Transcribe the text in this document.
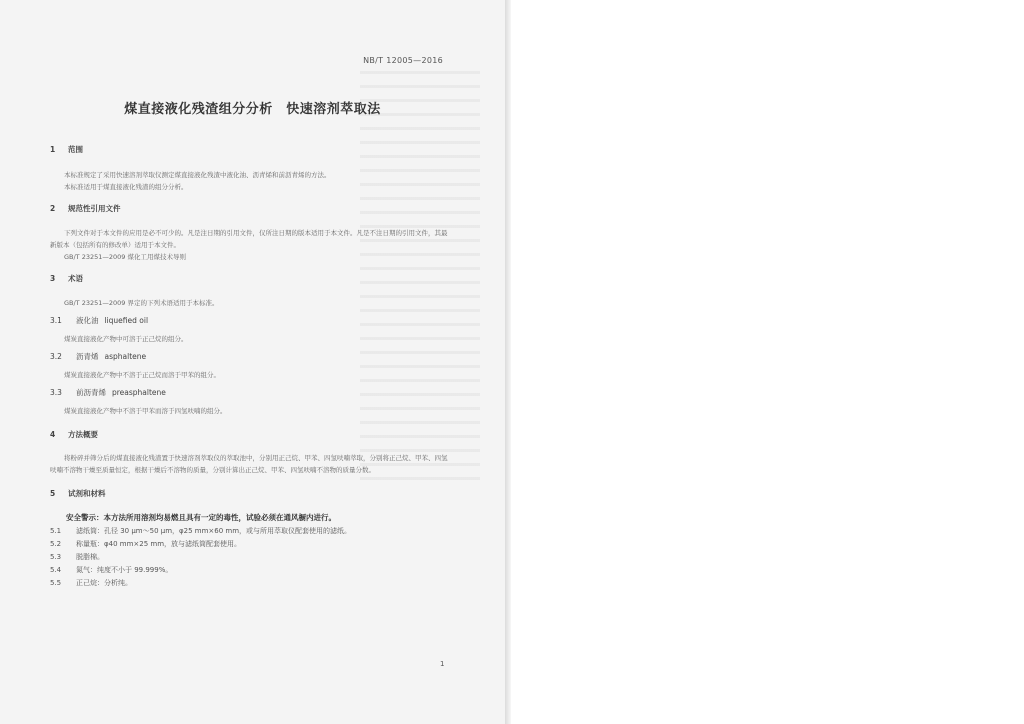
NB/T 12005—2016
煤直接液化残渣组分分析　快速溶剂萃取法

1 范围

本标准规定了采用快速溶剂萃取仪测定煤直接液化残渣中液化油、沥青烯和前沥青烯的方法。

本标准适用于煤直接液化残渣的组分分析。

2 规范性引用文件

下列文件对于本文件的应用是必不可少的。凡是注日期的引用文件，仅所注日期的版本适用于本文件。凡是不注日期的引用文件，其最新版本（包括所有的修改单）适用于本文件。

GB/T 23251—2009 煤化工用煤技术导则

3 术语

GB/T 23251—2009 界定的下列术语适用于本标准。

3.1 液化油 liquefied oil

煤炭直接液化产物中可溶于正己烷的组分。

3.2 沥青烯 asphaltene

煤炭直接液化产物中不溶于正己烷而溶于甲苯的组分。

3.3 前沥青烯 preasphaltene

煤炭直接液化产物中不溶于甲苯而溶于四氢呋喃的组分。

4 方法概要

将粉碎并筛分后的煤直接液化残渣置于快速溶剂萃取仪的萃取池中，分别用正己烷、甲苯、四氢呋喃萃取，分别将正己烷、甲苯、四氢呋喃不溶物干燥至质量恒定，根据干燥后不溶物的质量，分别计算出正己烷、甲苯、四氢呋喃不溶物的质量分数。

5 试剂和材料

安全警示：本方法所用溶剂均易燃且具有一定的毒性，试验必须在通风橱内进行。

5.1 滤纸筒：孔径 30 μm～50 μm，φ25 mm×60 mm，或与所用萃取仪配套使用的滤纸。

5.2 称量瓶：φ40 mm×25 mm，放与滤纸筒配套使用。

5.3 脱脂棉。

5.4 氮气：纯度不小于 99.999%。

5.5 正己烷：分析纯。

1
